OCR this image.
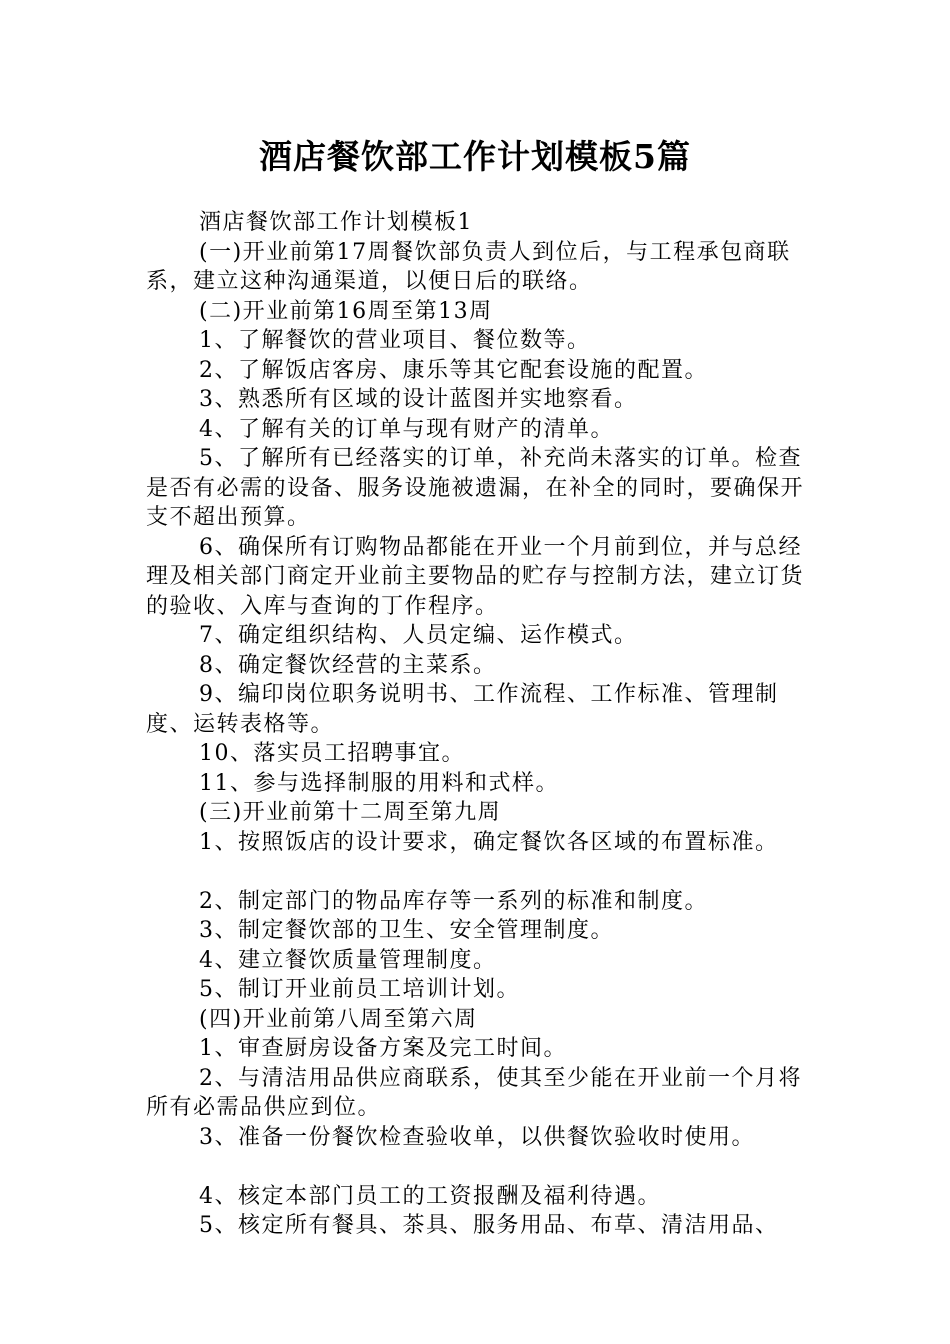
酒店餐饮部工作计划模板5篇

酒店餐饮部工作计划模板1

(一)开业前第17周餐饮部负责人到位后，与工程承包商联系，建立这种沟通渠道，以便日后的联络。

(二)开业前第16周至第13周

1、了解餐饮的营业项目、餐位数等。

2、了解饭店客房、康乐等其它配套设施的配置。

3、熟悉所有区域的设计蓝图并实地察看。

4、了解有关的订单与现有财产的清单。

5、了解所有已经落实的订单，补充尚未落实的订单。检查是否有必需的设备、服务设施被遗漏，在补全的同时，要确保开支不超出预算。

6、确保所有订购物品都能在开业一个月前到位，并与总经理及相关部门商定开业前主要物品的贮存与控制方法，建立订货的验收、入库与查询的丁作程序。

7、确定组织结构、人员定编、运作模式。

8、确定餐饮经营的主菜系。

9、编印岗位职务说明书、工作流程、工作标准、管理制度、运转表格等。

10、落实员工招聘事宜。

11、参与选择制服的用料和式样。

(三)开业前第十二周至第九周

1、按照饭店的设计要求，确定餐饮各区域的布置标准。

2、制定部门的物品库存等一系列的标准和制度。

3、制定餐饮部的卫生、安全管理制度。

4、建立餐饮质量管理制度。

5、制订开业前员工培训计划。

(四)开业前第八周至第六周

1、审查厨房设备方案及完工时间。

2、与清洁用品供应商联系，使其至少能在开业前一个月将所有必需品供应到位。

3、准备一份餐饮检查验收单，以供餐饮验收时使用。

4、核定本部门员工的工资报酬及福利待遇。

5、核定所有餐具、茶具、服务用品、布草、清洁用品、
